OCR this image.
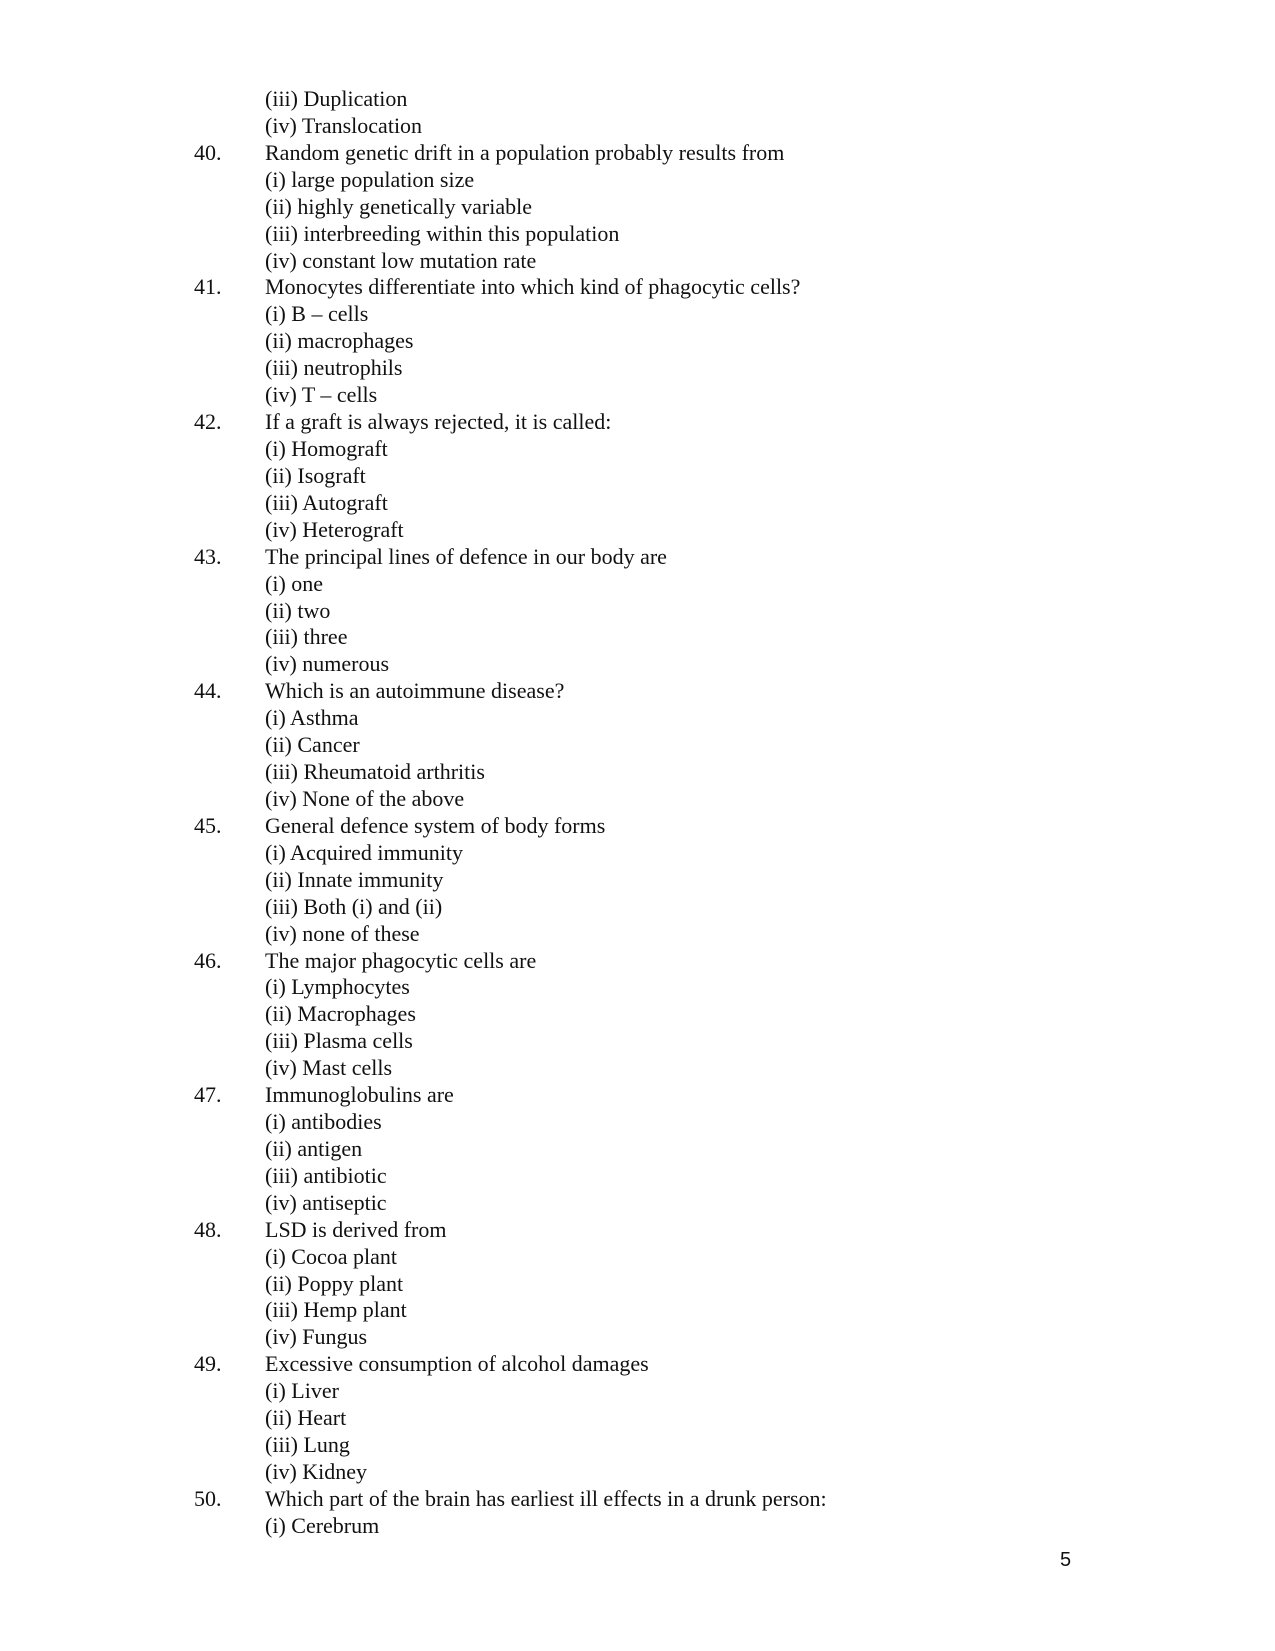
(iii) Duplication
(iv) Translocation
40. Random genetic drift in a population probably results from
(i) large population size
(ii) highly genetically variable
(iii) interbreeding within this population
(iv) constant low mutation rate
41. Monocytes differentiate into which kind of phagocytic cells?
(i) B – cells
(ii) macrophages
(iii) neutrophils
(iv) T – cells
42. If a graft is always rejected, it is called:
(i) Homograft
(ii) Isograft
(iii) Autograft
(iv) Heterograft
43. The principal lines of defence in our body are
(i) one
(ii) two
(iii) three
(iv) numerous
44. Which is an autoimmune disease?
(i) Asthma
(ii) Cancer
(iii) Rheumatoid arthritis
(iv) None of the above
45. General defence system of body forms
(i) Acquired immunity
(ii) Innate immunity
(iii) Both (i) and (ii)
(iv) none of these
46. The major phagocytic cells are
(i) Lymphocytes
(ii) Macrophages
(iii) Plasma cells
(iv) Mast cells
47. Immunoglobulins are
(i) antibodies
(ii) antigen
(iii) antibiotic
(iv) antiseptic
48. LSD is derived from
(i) Cocoa plant
(ii) Poppy plant
(iii) Hemp plant
(iv) Fungus
49. Excessive consumption of alcohol damages
(i) Liver
(ii) Heart
(iii) Lung
(iv) Kidney
50. Which part of the brain has earliest ill effects in a drunk person:
(i) Cerebrum
5
